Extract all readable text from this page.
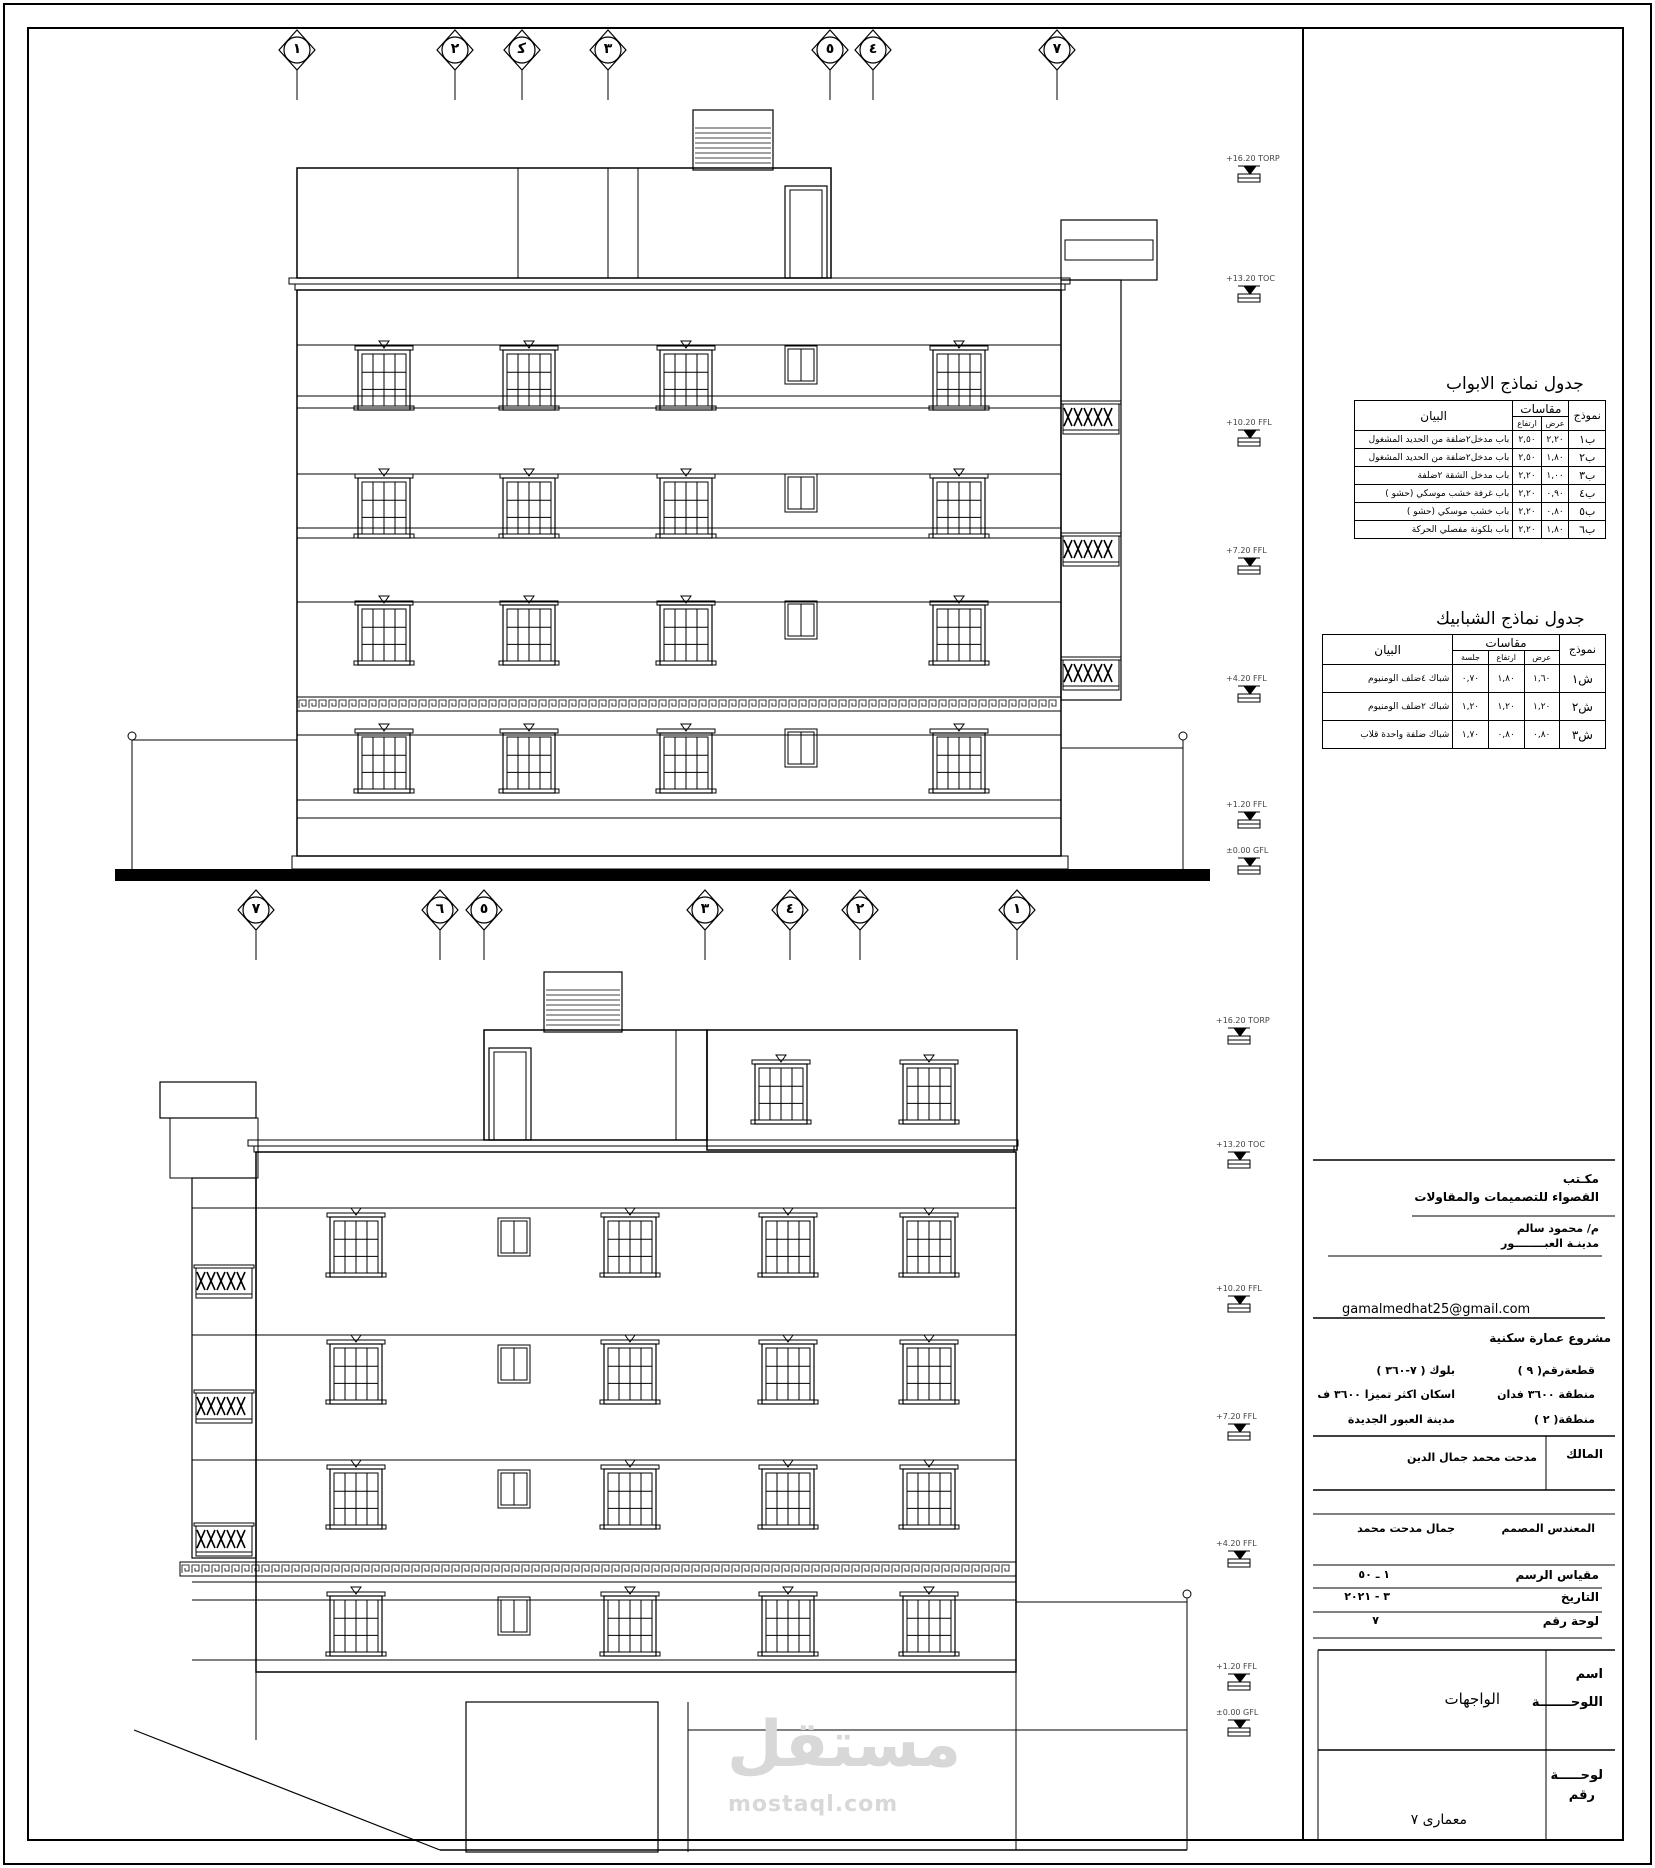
١	٢	ﻛ	٣	٥	٤	٧
٧	٦	٥	٣	٤	٢	١
+16.20 TORP
+13.20 TOC
+10.20 FFL
+7.20 FFL
+4.20 FFL
+1.20 FFL
±0.00 GFL
+16.20 TORP
+13.20 TOC
+10.20 FFL
+7.20 FFL
+4.20 FFL
+1.20 FFL
±0.00 GFL
جدول نماذج الابواب
نموذج	مقاسات		البيان
	عرض	ارتفاع	
ب١	٢,٢٠	٢,٥٠	باب مدخل٢ضلفة من الحديد المشغول
ب٢	١,٨٠	٢,٥٠	باب مدخل٢ضلفة من الحديد المشغول
ب٣	١,٠٠	٢,٢٠	باب مدخل الشقة ٢ضلفة
ب٤	٠,٩٠	٢,٢٠	باب غرفة خشب موسكي (حشو )
ب٥	٠,٨٠	٢,٢٠	باب خشب موسكي (حشو )
ب٦	١,٨٠	٢,٢٠	باب بلكونة مفصلي الحركة
جدول نماذج الشبابيك
نموذج	مقاسات			البيان
	عرض	ارتفاع	جلسة	
ش١	١,٦٠	١,٨٠	٠,٧٠	شباك ٤ضلف الومنيوم
ش٢	١,٢٠	١,٢٠	١,٢٠	شباك ٢ضلف الومنيوم
ش٣	٠,٨٠	٠,٨٠	١,٧٠	شباك ضلفة واحدة قلاب
مكـتب
القصواء للتصميمات والمقاولات
م/ محمود سالم
مدينـة العبــــــــور
gamalmedhat25@gmail.com
مشروع عمارة سكنية
قطعةرقم( ٩ )
بلوك ( ٧-٣٦٠ )
منطقة ٣٦٠٠ فدان
اسكان اكثر تميزا ٣٦٠٠ ف
منطقة( ٢ )
مدينة العبور الجديدة
المالك
مدحت محمد جمال الدين
المعندس المصمم
جمال مدحت محمد
مقياس الرسم
١ ـ ٥٠
التاريخ
٣ - ٢٠٢١
لوحة رقم
٧
اسم
اللوحـــــــة
الواجهات
لوحـــــة
رقم
معمارى ٧
مستقل
mostaql.com
